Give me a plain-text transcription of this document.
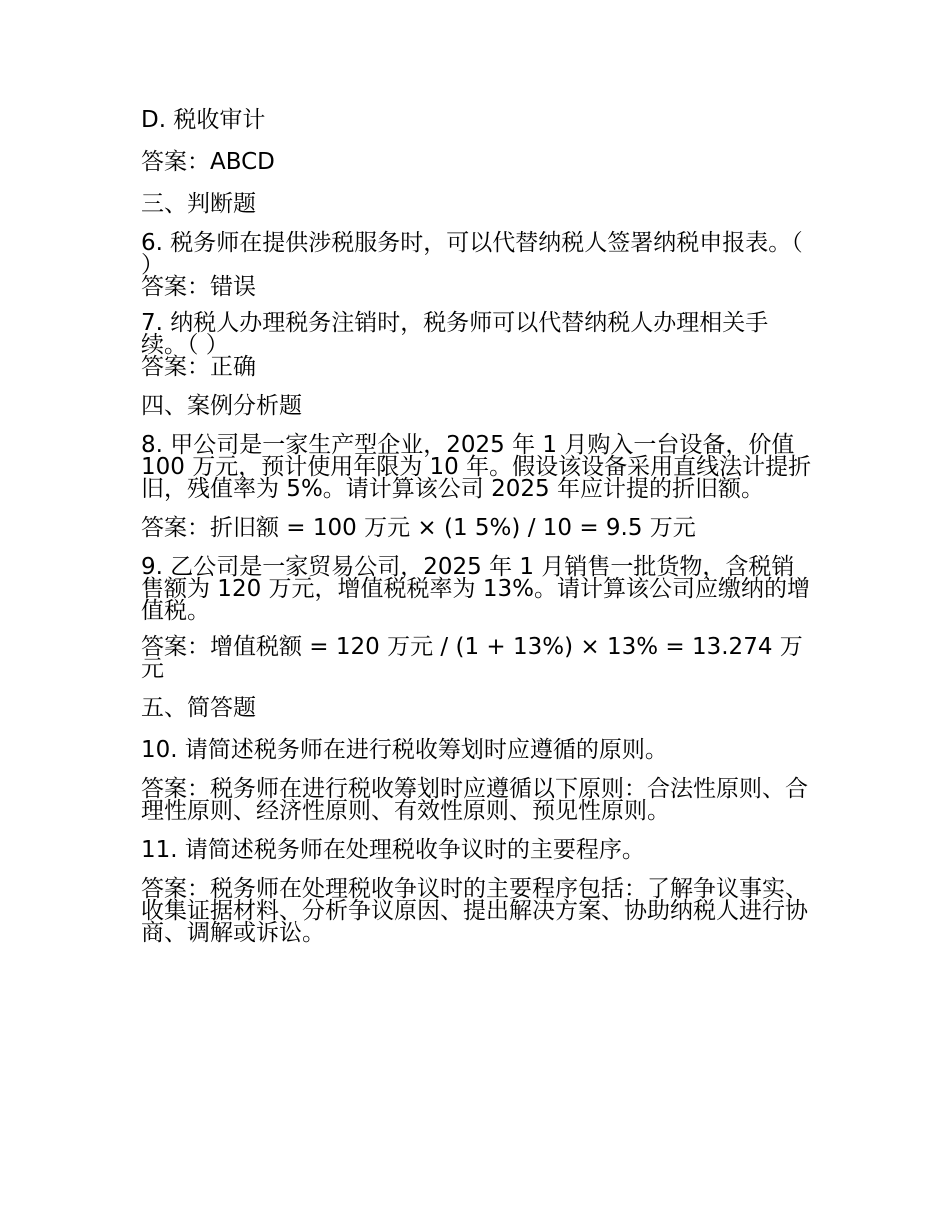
D. 税收审计
答案：ABCD
三、判断题
6. 税务师在提供涉税服务时，可以代替纳税人签署纳税申报表。（ ）
答案：错误
7. 纳税人办理税务注销时，税务师可以代替纳税人办理相关手续。（ ）
答案：正确
四、案例分析题
8. 甲公司是一家生产型企业，2025 年 1 月购入一台设备，价值 100 万元，预计使用年限为 10 年。假设该设备采用直线法计提折旧，残值率为 5%。请计算该公司 2025 年应计提的折旧额。
答案：折旧额 = 100 万元 × (1 5%) / 10 = 9.5 万元
9. 乙公司是一家贸易公司，2025 年 1 月销售一批货物，含税销售额为 120 万元，增值税税率为 13%。请计算该公司应缴纳的增值税。
答案：增值税额 = 120 万元 / (1 + 13%) × 13% = 13.274 万元
五、简答题
10. 请简述税务师在进行税收筹划时应遵循的原则。
答案：税务师在进行税收筹划时应遵循以下原则：合法性原则、合理性原则、经济性原则、有效性原则、预见性原则。
11. 请简述税务师在处理税收争议时的主要程序。
答案：税务师在处理税收争议时的主要程序包括：了解争议事实、收集证据材料、分析争议原因、提出解决方案、协助纳税人进行协商、调解或诉讼。
